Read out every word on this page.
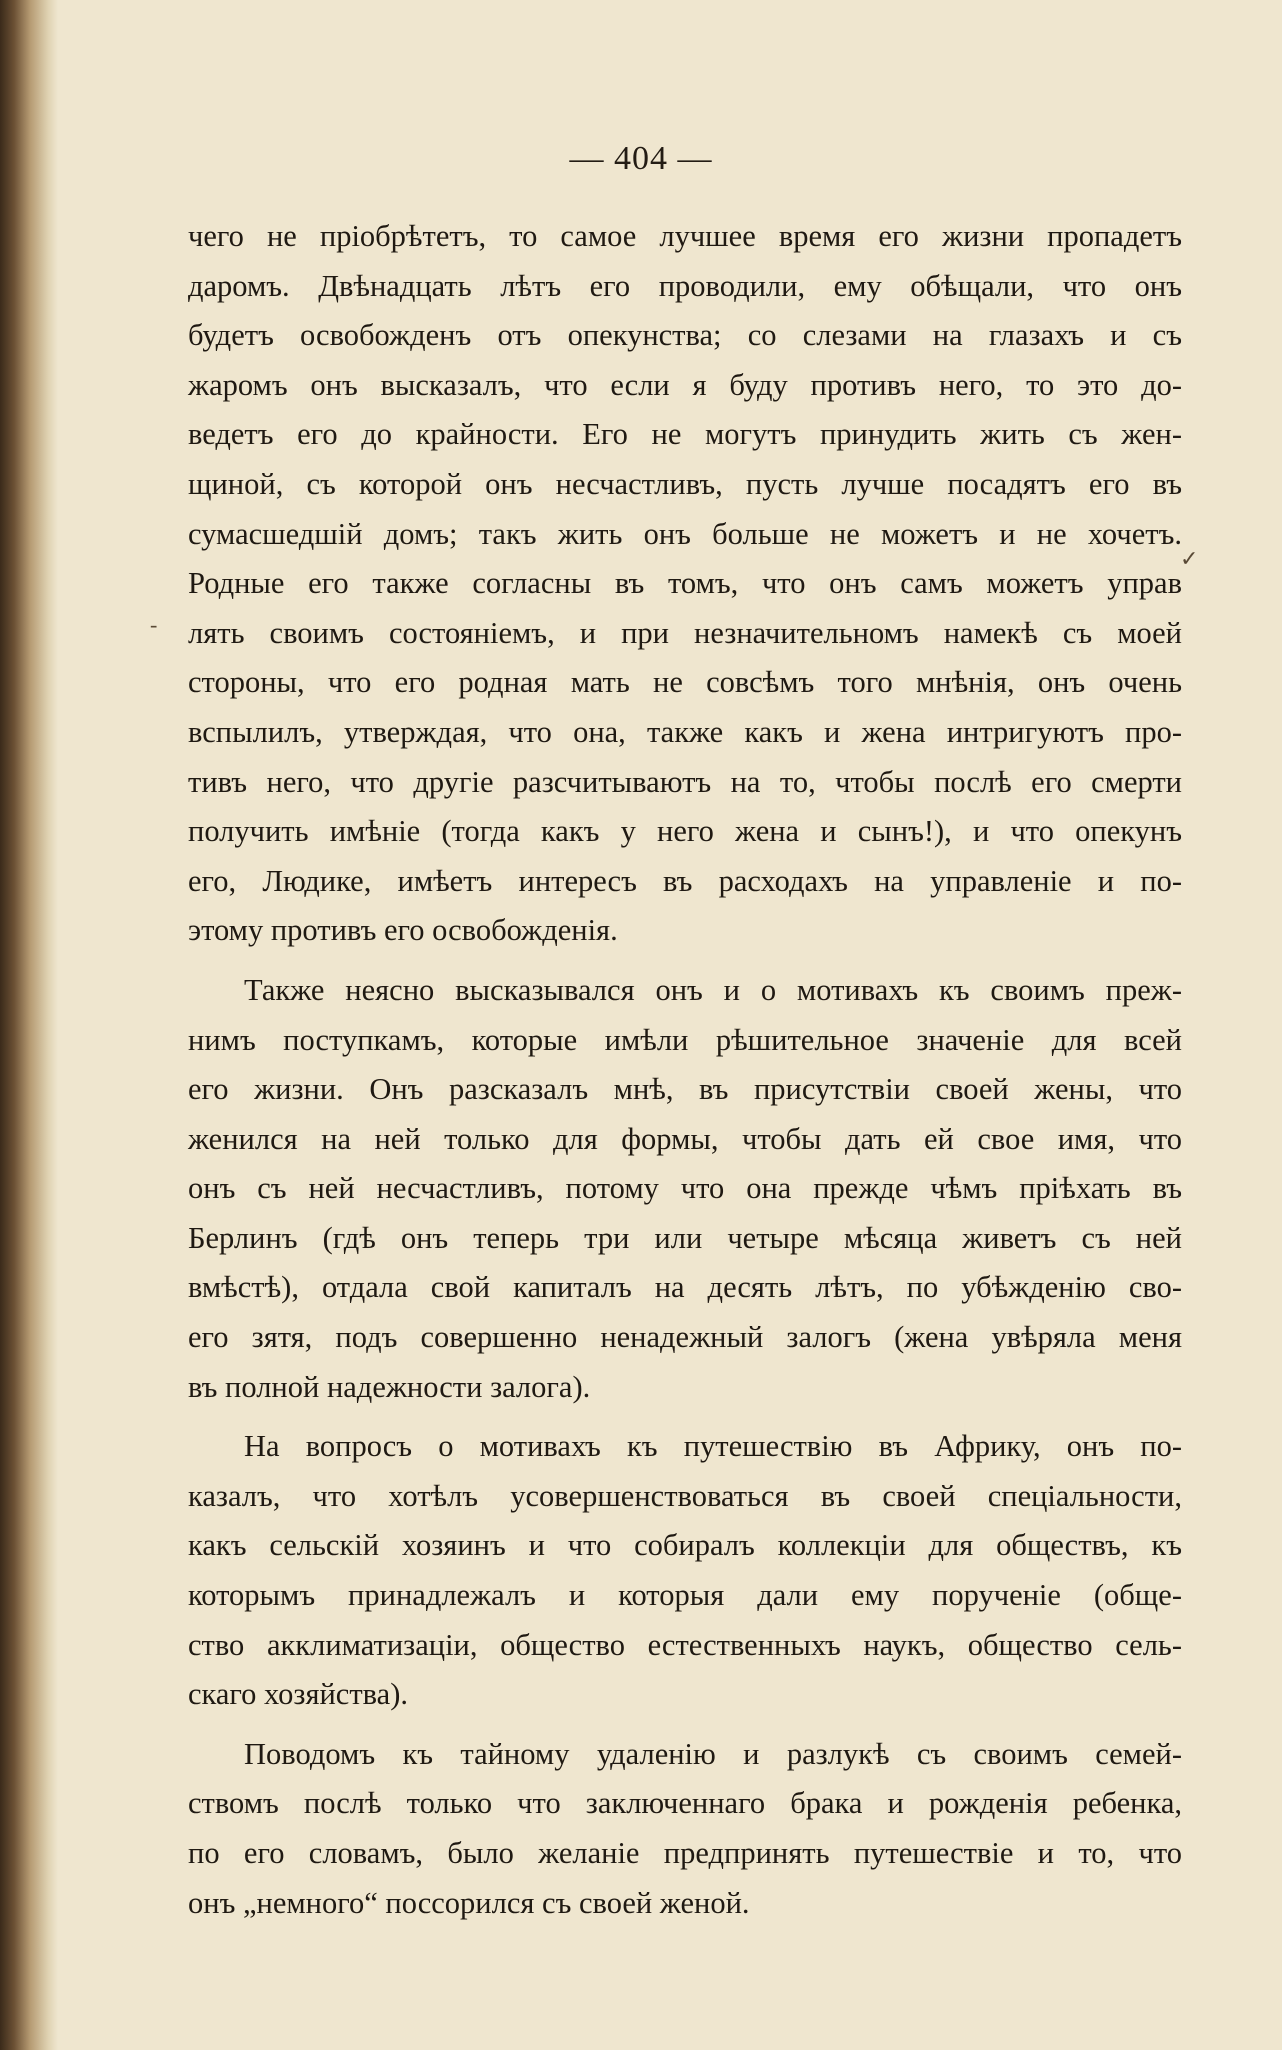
— 404 —
чего не пріобрѣтетъ, то самое лучшее время его жизни пропадетъ
даромъ. Двѣнадцать лѣтъ его проводили, ему обѣщали, что онъ
будетъ освобожденъ отъ опекунства; со слезами на глазахъ и съ
жаромъ онъ высказалъ, что если я буду противъ него, то это до-
ведетъ его до крайности. Его не могутъ принудить жить съ жен-
щиной, съ которой онъ несчастливъ, пусть лучше посадятъ его въ
сумасшедшій домъ; такъ жить онъ больше не можетъ и не хочетъ.
Родные его также согласны въ томъ, что онъ самъ можетъ управ
лять своимъ состояніемъ, и при незначительномъ намекѣ съ моей
стороны, что его родная мать не совсѣмъ того мнѣнія, онъ очень
вспылилъ, утверждая, что она, также какъ и жена интригуютъ про-
тивъ него, что другіе разсчитываютъ на то, чтобы послѣ его смерти
получить имѣніе (тогда какъ у него жена и сынъ!), и что опекунъ
его, Людике, имѣетъ интересъ въ расходахъ на управленіе и по-
этому противъ его освобожденія.
Также неясно высказывался онъ и о мотивахъ къ своимъ преж-
нимъ поступкамъ, которые имѣли рѣшительное значеніе для всей
его жизни. Онъ разсказалъ мнѣ, въ присутствіи своей жены, что
женился на ней только для формы, чтобы дать ей свое имя, что
онъ съ ней несчастливъ, потому что она прежде чѣмъ пріѣхать въ
Берлинъ (гдѣ онъ теперь три или четыре мѣсяца живетъ съ ней
вмѣстѣ), отдала свой капиталъ на десять лѣтъ, по убѣжденію сво-
его зятя, подъ совершенно ненадежный залогъ (жена увѣряла меня
въ полной надежности залога).
На вопросъ о мотивахъ къ путешествію въ Африку, онъ по-
казалъ, что хотѣлъ усовершенствоваться въ своей спеціальности,
какъ сельскій хозяинъ и что собиралъ коллекціи для обществъ, къ
которымъ принадлежалъ и которыя дали ему порученіе (обще-
ство акклиматизаціи, общество естественныхъ наукъ, общество сель-
скаго хозяйства).
Поводомъ къ тайному удаленію и разлукѣ съ своимъ семей-
ствомъ послѣ только что заключеннаго брака и рожденія ребенка,
по его словамъ, было желаніе предпринять путешествіе и то, что
онъ „немного“ поссорился съ своей женой.
✓
-
